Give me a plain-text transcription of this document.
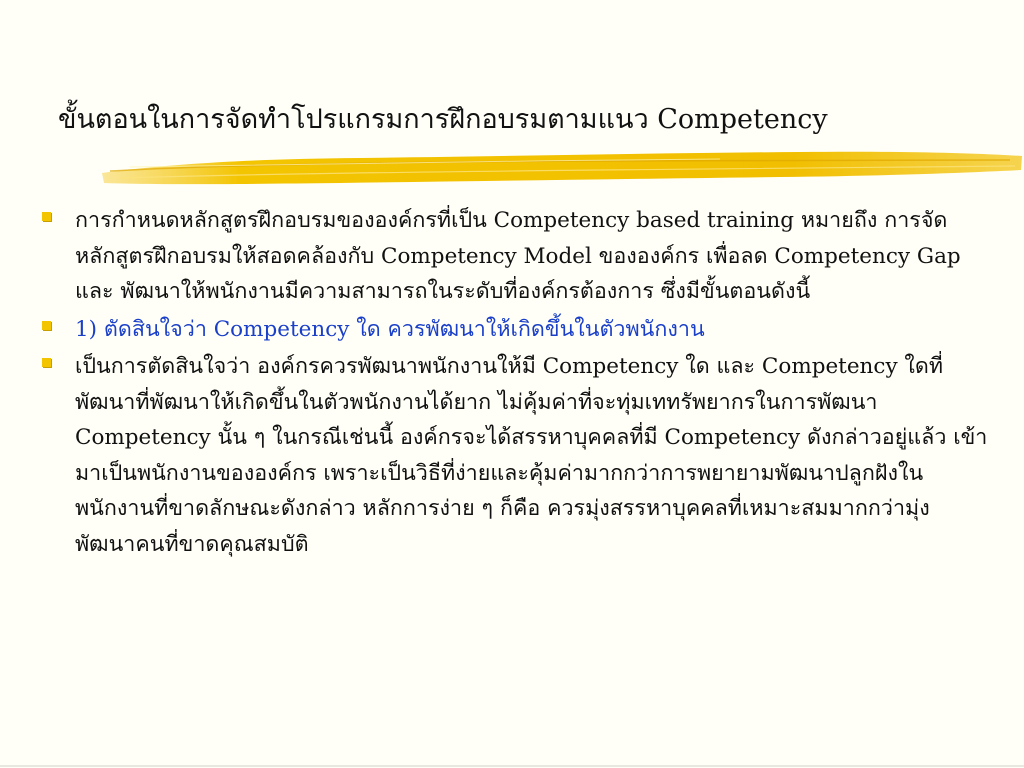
ขั้นตอนในการจัดทำโปรแกรมการฝึกอบรมตามแนว Competency
การกำหนดหลักสูตรฝึกอบรมขององค์กรที่เป็น Competency based training หมายถึง การจัดหลักสูตรฝึกอบรมให้สอดคล้องกับ Competency Model ขององค์กร เพื่อลด Competency Gap และ พัฒนาให้พนักงานมีความสามารถในระดับที่องค์กรต้องการ ซึ่งมีขั้นตอนดังนี้
1) ตัดสินใจว่า Competency ใด ควรพัฒนาให้เกิดขึ้นในตัวพนักงาน
เป็นการตัดสินใจว่า องค์กรควรพัฒนาพนักงานให้มี Competency ใด และ Competency ใดที่พัฒนาที่พัฒนาให้เกิดขึ้นในตัวพนักงานได้ยาก ไม่คุ้มค่าที่จะทุ่มเททรัพยากรในการพัฒนา Competency นั้น ๆ ในกรณีเช่นนี้ องค์กรจะได้สรรหาบุคคลที่มี Competency ดังกล่าวอยู่แล้ว เข้ามาเป็นพนักงานขององค์กร เพราะเป็นวิธีที่ง่ายและคุ้มค่ามากกว่าการพยายามพัฒนาปลูกฝังในพนักงานที่ขาดลักษณะดังกล่าว หลักการง่าย ๆ ก็คือ ควรมุ่งสรรหาบุคคลที่เหมาะสมมากกว่ามุ่งพัฒนาคนที่ขาดคุณสมบัติ
